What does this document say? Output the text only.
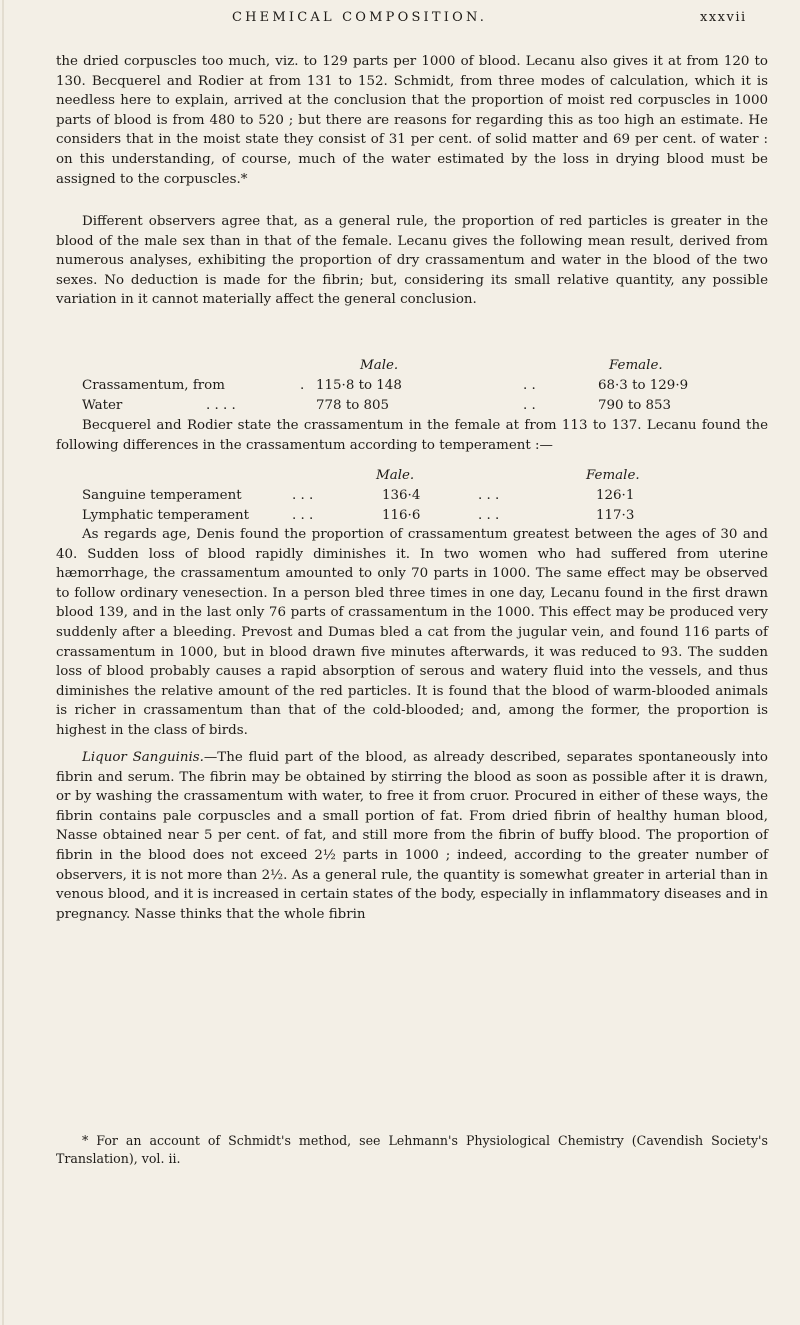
CHEMICAL COMPOSITION.	xxxvii

the dried corpuscles too much, viz. to 129 parts per 1000 of blood. Lecanu also gives it at from 120 to 130. Becquerel and Rodier at from 131 to 152. Schmidt, from three modes of calculation, which it is needless here to explain, arrived at the conclusion that the proportion of moist red corpuscles in 1000 parts of blood is from 480 to 520 ; but there are reasons for regarding this as too high an estimate. He considers that in the moist state they consist of 31 per cent. of solid matter and 69 per cent. of water : on this understanding, of course, much of the water estimated by the loss in drying blood must be assigned to the corpuscles.*

Different observers agree that, as a general rule, the proportion of red particles is greater in the blood of the male sex than in that of the female. Lecanu gives the following mean result, derived from numerous analyses, exhibiting the proportion of dry crassamentum and water in the blood of the two sexes. No deduction is made for the fibrin; but, considering its small relative quantity, any possible variation in it cannot materially affect the general conclusion.

Male.	Female.
Crassamentum, from	. 115·8 to 148	. .	68·3 to 129·9
Water	. . . .	778 to 805	. .	790 to 853

Becquerel and Rodier state the crassamentum in the female at from 113 to 137. Lecanu found the following differences in the crassamentum according to temperament :—

Male.	Female.
Sanguine temperament	. . .	136·4	. . .	126·1
Lymphatic temperament	. . .	116·6	. . .	117·3

As regards age, Denis found the proportion of crassamentum greatest between the ages of 30 and 40. Sudden loss of blood rapidly diminishes it. In two women who had suffered from uterine hæmorrhage, the crassamentum amounted to only 70 parts in 1000. The same effect may be observed to follow ordinary venesection. In a person bled three times in one day, Lecanu found in the first drawn blood 139, and in the last only 76 parts of crassamentum in the 1000. This effect may be produced very suddenly after a bleeding. Prevost and Dumas bled a cat from the jugular vein, and found 116 parts of crassamentum in 1000, but in blood drawn five minutes afterwards, it was reduced to 93. The sudden loss of blood probably causes a rapid absorption of serous and watery fluid into the vessels, and thus diminishes the relative amount of the red particles. It is found that the blood of warm-blooded animals is richer in crassamentum than that of the cold-blooded; and, among the former, the proportion is highest in the class of birds.

Liquor Sanguinis.—The fluid part of the blood, as already described, separates spontaneously into fibrin and serum. The fibrin may be obtained by stirring the blood as soon as possible after it is drawn, or by washing the crassamentum with water, to free it from cruor. Procured in either of these ways, the fibrin contains pale corpuscles and a small portion of fat. From dried fibrin of healthy human blood, Nasse obtained near 5 per cent. of fat, and still more from the fibrin of buffy blood. The proportion of fibrin in the blood does not exceed 2½ parts in 1000 ; indeed, according to the greater number of observers, it is not more than 2½. As a general rule, the quantity is somewhat greater in arterial than in venous blood, and it is increased in certain states of the body, especially in inflammatory diseases and in pregnancy. Nasse thinks that the whole fibrin

* For an account of Schmidt's method, see Lehmann's Physiological Chemistry (Cavendish Society's Translation), vol. ii.
